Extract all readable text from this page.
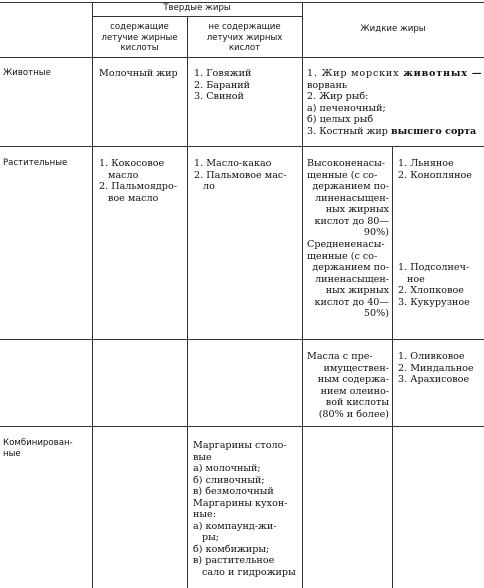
Твердые жиры
содержащие
летучие жирные
кислоты
не содержащие
летучих жирных
кислот
Жидкие жиры
Животные	Молочный жир 1. Говяжий
2. Бараний
3. Свиной
1. Жир морских животных —
ворвань
2. Жир рыб:
а) печеночный;
б) целых рыб
3. Костный жир высшего сорта
Растительные	1. Кокосовое
масло
2. Пальмоядро-
вое масло
1. Масло-какао
2. Пальмовое мас-
ло
Высоконенасы-
щенные (с со-
держанием по-
линенасыщен-
ных жирных
кислот до 80—
90%)
1. Льняное
2. Конопляное
Среднененасы-
щенные (с со-
держанием по-
линенасыщен-
ных жирных
кислот до 40—
50%)
1. Подсолнеч-
ное
2. Хлопковое
3. Кукурузное
Масла с пре-
имуществен-
ным содержа-
нием олеино-
вой кислоты
(80% и более)
1. Оливковое
2. Миндальное
3. Арахисовое
Комбинирован-
ные
Маргарины столо-
вые
а) молочный;
б) сливочный;
в) безмолочный
Маргарины кухон-
ные:
а) компаунд-жи-
ры;
б) комбижиры;
в) растительное
сало и гидрожиры
